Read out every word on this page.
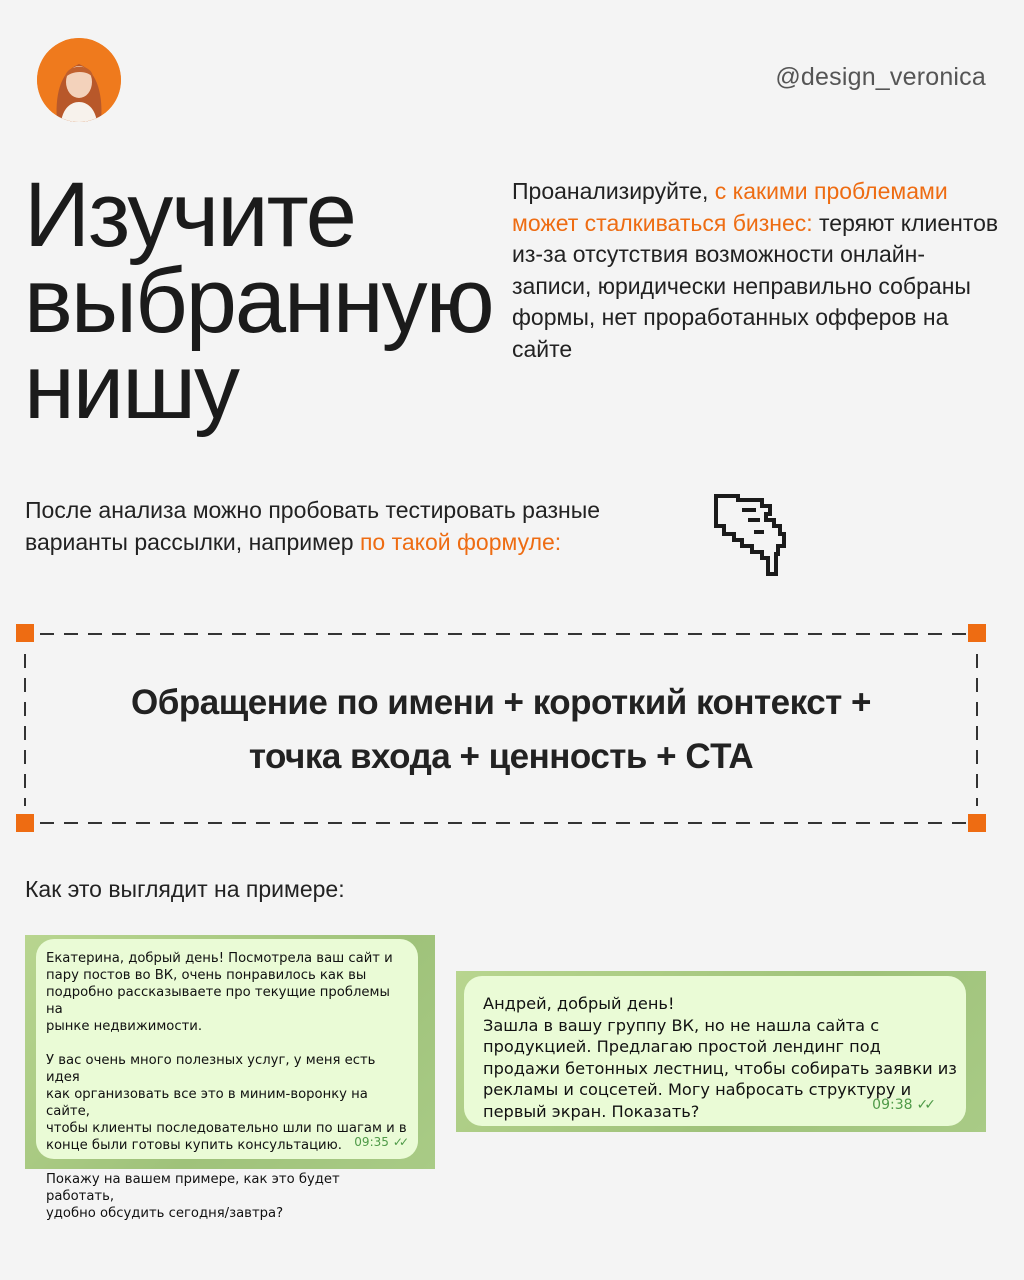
@design_veronica
Изучите
выбранную
нишу
Проанализируйте, с какими проблемами может сталкиваться бизнес: теряют клиентов из-за отсутствия возможности онлайн-записи, юридически неправильно собраны формы, нет проработанных офферов на сайте
После анализа можно пробовать тестировать разные варианты рассылки, например по такой формуле:
Обращение по имени + короткий контекст +
точка входа + ценность + CTA
Как это выглядит на примере:
Екатерина, добрый день! Посмотрела ваш сайт и
пару постов во ВК, очень понравилось как вы
подробно рассказываете про текущие проблемы на
рынке недвижимости.

У вас очень много полезных услуг, у меня есть идея
как организовать все это в миним-воронку на сайте,
чтобы клиенты последовательно шли по шагам и в
конце были готовы купить консультацию.

Покажу на вашем примере, как это будет работать,
удобно обсудить сегодня/завтра?
09:35 ✓✓
Андрей, добрый день!
Зашла в вашу группу ВК, но не нашла сайта с
продукцией. Предлагаю простой лендинг под
продажи бетонных лестниц, чтобы собирать заявки из
рекламы и соцсетей. Могу набросать структуру и
первый экран. Показать?	09:38 ✓✓
